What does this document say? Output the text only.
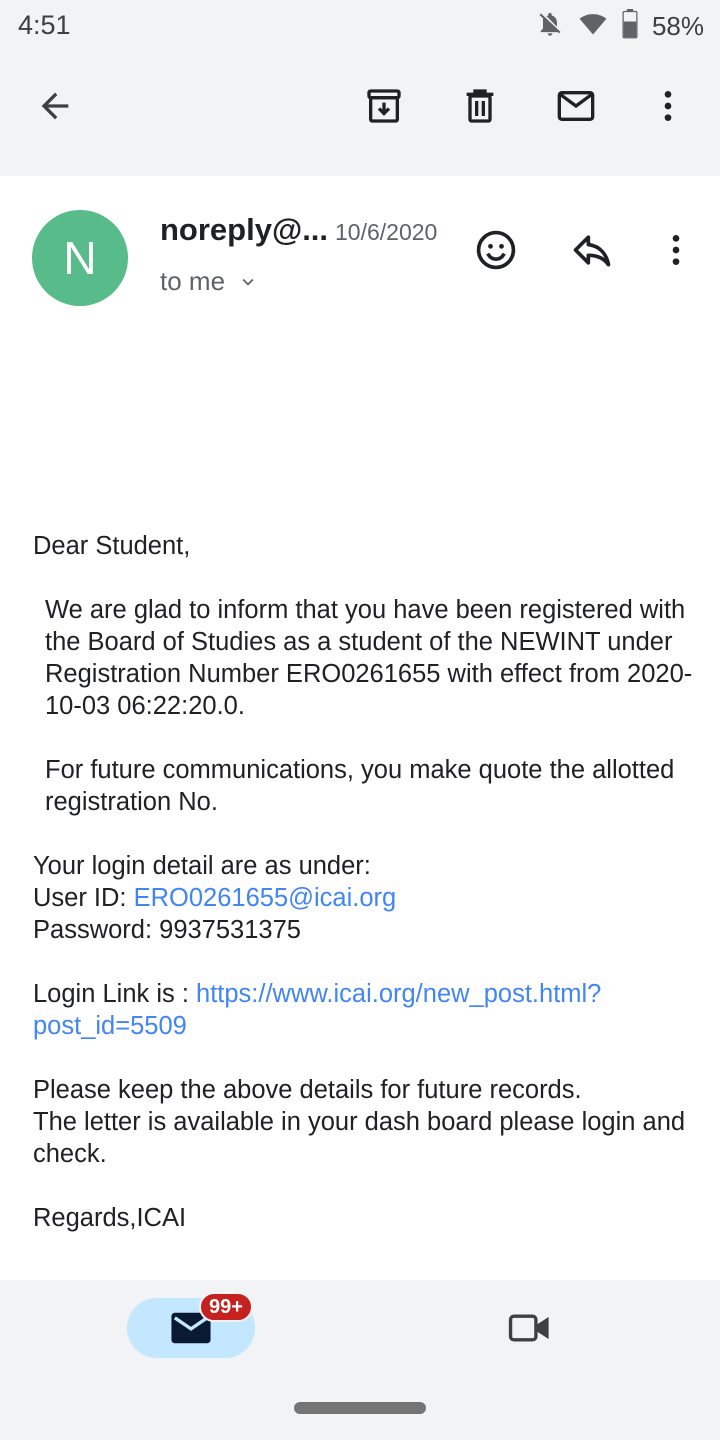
4:51	58%
N
noreply@... 10/6/2020
to me

Dear Student,

We are glad to inform that you have been registered with the Board of Studies as a student of the NEWINT under Registration Number ERO0261655 with effect from 2020-10-03 06:22:20.0.

For future communications, you make quote the allotted registration No.

Your login detail are as under:
User ID: ERO0261655@icai.org
Password: 9937531375

Login Link is : https://www.icai.org/new_post.html?post_id=5509

Please keep the above details for future records.
The letter is available in your dash board please login and check.

Regards,ICAI

99+
